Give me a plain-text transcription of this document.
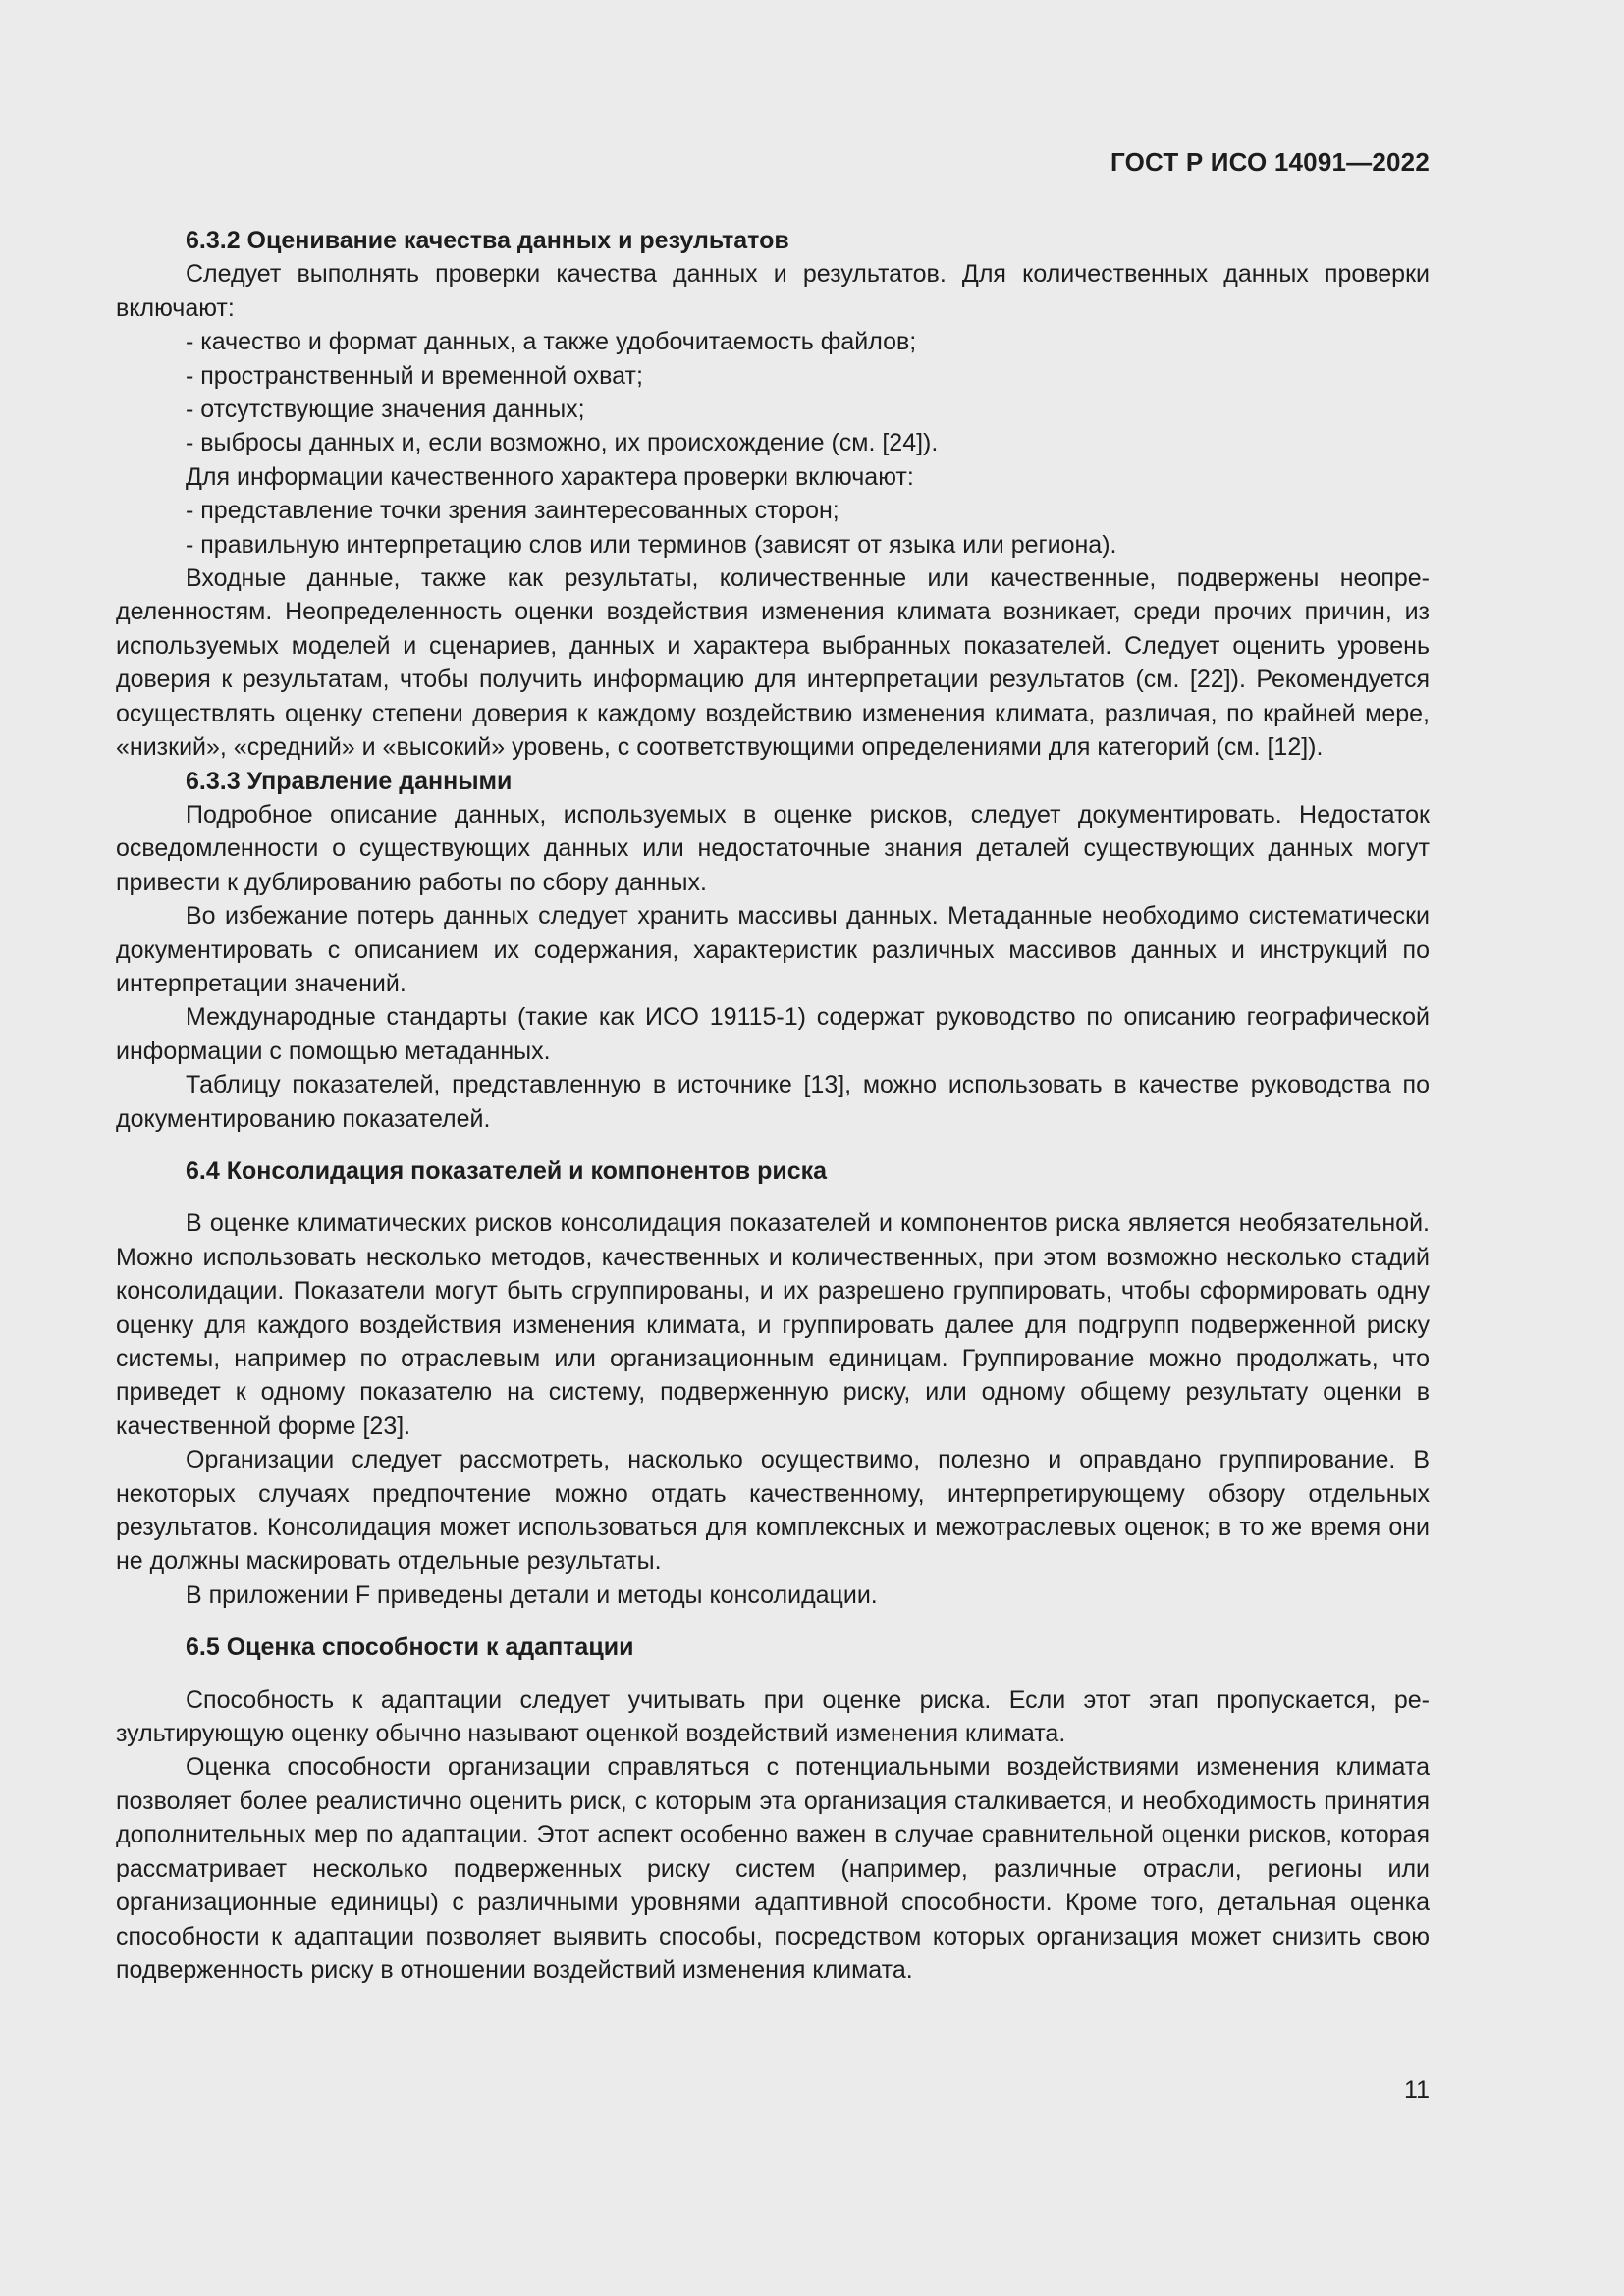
ГОСТ Р ИСО 14091—2022
6.3.2 Оценивание качества данных и результатов

Следует выполнять проверки качества данных и результатов. Для количественных данных проверки включают:

- качество и формат данных, а также удобочитаемость файлов;

- пространственный и временной охват;

- отсутствующие значения данных;

- выбросы данных и, если возможно, их происхождение (см. [24]).

Для информации качественного характера проверки включают:

- представление точки зрения заинтересованных сторон;

- правильную интерпретацию слов или терминов (зависят от языка или региона).

Входные данные, также как результаты, количественные или качественные, подвержены неопределенностям. Неопределенность оценки воздействия изменения климата возникает, среди прочих причин, из используемых моделей и сценариев, данных и характера выбранных показателей. Следует оценить уровень доверия к результатам, чтобы получить информацию для интерпретации результатов (см. [22]). Рекомендуется осуществлять оценку степени доверия к каждому воздействию изменения климата, различая, по крайней мере, «низкий», «средний» и «высокий» уровень, с соответствующими определениями для категорий (см. [12]).

6.3.3 Управление данными

Подробное описание данных, используемых в оценке рисков, следует документировать. Недостаток осведомленности о существующих данных или недостаточные знания деталей существующих данных могут привести к дублированию работы по сбору данных.

Во избежание потерь данных следует хранить массивы данных. Метаданные необходимо систематически документировать с описанием их содержания, характеристик различных массивов данных и инструкций по интерпретации значений.

Международные стандарты (такие как ИСО 19115-1) содержат руководство по описанию географической информации с помощью метаданных.

Таблицу показателей, представленную в источнике [13], можно использовать в качестве руководства по документированию показателей.

6.4 Консолидация показателей и компонентов риска

В оценке климатических рисков консолидация показателей и компонентов риска является необязательной. Можно использовать несколько методов, качественных и количественных, при этом возможно несколько стадий консолидации. Показатели могут быть сгруппированы, и их разрешено группировать, чтобы сформировать одну оценку для каждого воздействия изменения климата, и группировать далее для подгрупп подверженной риску системы, например по отраслевым или организационным единицам. Группирование можно продолжать, что приведет к одному показателю на систему, подверженную риску, или одному общему результату оценки в качественной форме [23].

Организации следует рассмотреть, насколько осуществимо, полезно и оправдано группирование. В некоторых случаях предпочтение можно отдать качественному, интерпретирующему обзору отдельных результатов. Консолидация может использоваться для комплексных и межотраслевых оценок; в то же время они не должны маскировать отдельные результаты.

В приложении F приведены детали и методы консолидации.

6.5 Оценка способности к адаптации

Способность к адаптации следует учитывать при оценке риска. Если этот этап пропускается, результирующую оценку обычно называют оценкой воздействий изменения климата.

Оценка способности организации справляться с потенциальными воздействиями изменения климата позволяет более реалистично оценить риск, с которым эта организация сталкивается, и необходимость принятия дополнительных мер по адаптации. Этот аспект особенно важен в случае сравнительной оценки рисков, которая рассматривает несколько подверженных риску систем (например, различные отрасли, регионы или организационные единицы) с различными уровнями адаптивной способности. Кроме того, детальная оценка способности к адаптации позволяет выявить способы, посредством которых организация может снизить свою подверженность риску в отношении воздействий изменения климата.

11
